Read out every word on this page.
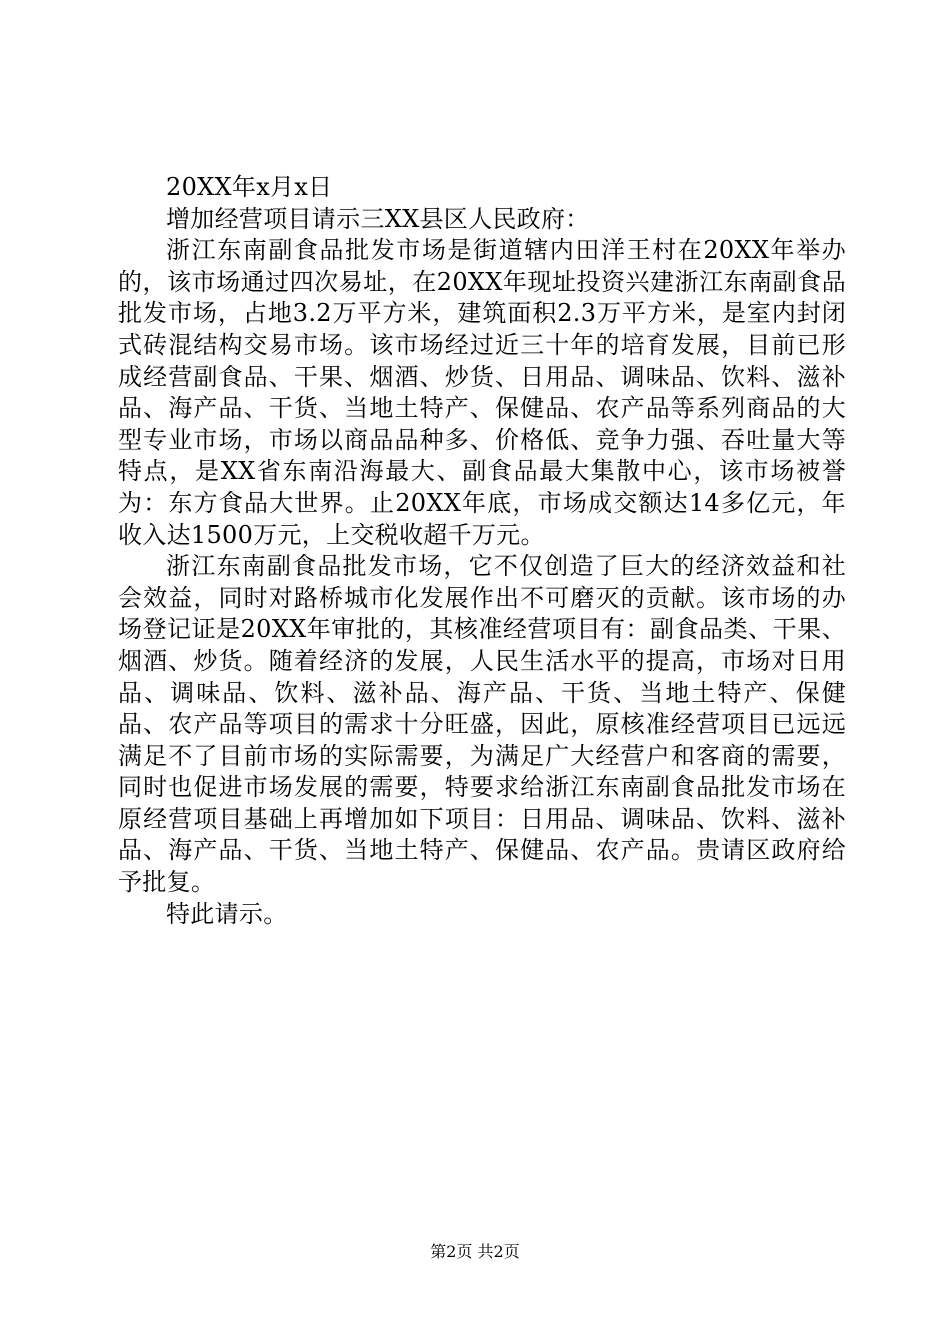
20XX年x月x日

增加经营项目请示三XX县区人民政府：

浙江东南副食品批发市场是街道辖内田洋王村在20XX年举办的，该市场通过四次易址，在20XX年现址投资兴建浙江东南副食品批发市场，占地3.2万平方米，建筑面积2.3万平方米，是室内封闭式砖混结构交易市场。该市场经过近三十年的培育发展，目前已形成经营副食品、干果、烟酒、炒货、日用品、调味品、饮料、滋补品、海产品、干货、当地土特产、保健品、农产品等系列商品的大型专业市场，市场以商品品种多、价格低、竞争力强、吞吐量大等特点，是XX省东南沿海最大、副食品最大集散中心，该市场被誉为：东方食品大世界。止20XX年底，市场成交额达14多亿元，年收入达1500万元，上交税收超千万元。

浙江东南副食品批发市场，它不仅创造了巨大的经济效益和社会效益，同时对路桥城市化发展作出不可磨灭的贡献。该市场的办场登记证是20XX年审批的，其核准经营项目有：副食品类、干果、烟酒、炒货。随着经济的发展，人民生活水平的提高，市场对日用品、调味品、饮料、滋补品、海产品、干货、当地土特产、保健品、农产品等项目的需求十分旺盛，因此，原核准经营项目已远远满足不了目前市场的实际需要，为满足广大经营户和客商的需要，同时也促进市场发展的需要，特要求给浙江东南副食品批发市场在原经营项目基础上再增加如下项目：日用品、调味品、饮料、滋补品、海产品、干货、当地土特产、保健品、农产品。贵请区政府给予批复。

特此请示。

第2页 共2页
